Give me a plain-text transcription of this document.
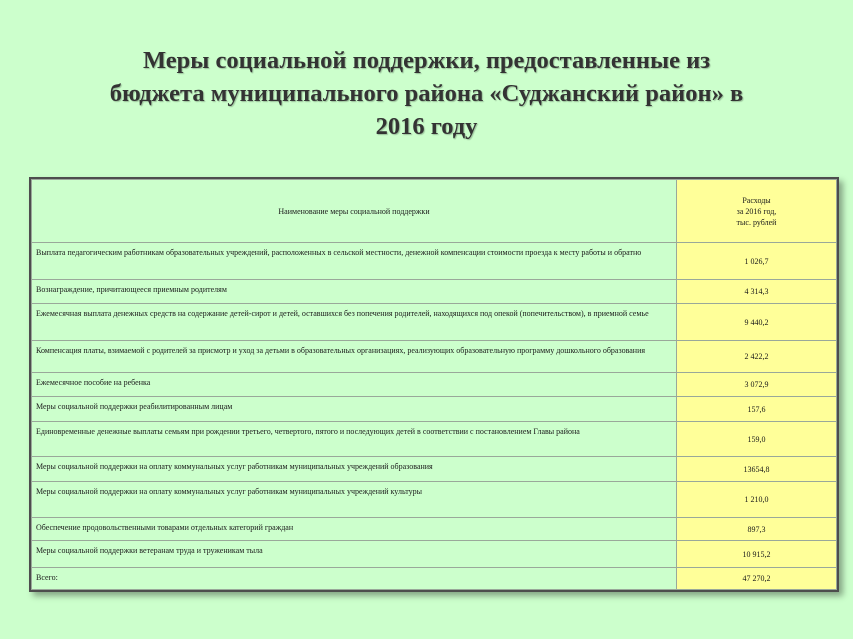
Меры социальной поддержки, предоставленные из
бюджета муниципального района «Суджанский район» в
2016 году
Наименование меры социальной поддержки	Расходы
за 2016 год,
тыс. рублей

Выплата педагогическим работникам образовательных учреждений, расположенных в сельской местности, денежной компенсации стоимости проезда к месту работы и обратно	1 026,7

Вознаграждение, причитающееся приемным родителям	4 314,3

Ежемесячная выплата денежных средств на содержание детей-сирот и детей, оставшихся без попечения родителей, находящихся под опекой (попечительством), в приемной семье	9 440,2

Компенсация платы, взимаемой с родителей за присмотр и уход за детьми в образовательных организациях, реализующих образовательную программу дошкольного образования	2 422,2

Ежемесячное пособие на ребенка	3 072,9

Меры социальной поддержки реабилитированным лицам	157,6

Единовременные денежные выплаты семьям при рождении третьего, четвертого, пятого и последующих детей в соответствии с постановлением Главы района	159,0

Меры социальной поддержки на оплату коммунальных услуг работникам муниципальных учреждений образования	13654,8

Меры социальной поддержки на оплату коммунальных услуг работникам муниципальных учреждений культуры	1 210,0

Обеспечение продовольственными товарами отдельных категорий граждан	897,3

Меры социальной поддержки ветеранам труда и труженикам тыла	10 915,2

Всего:	47 270,2
